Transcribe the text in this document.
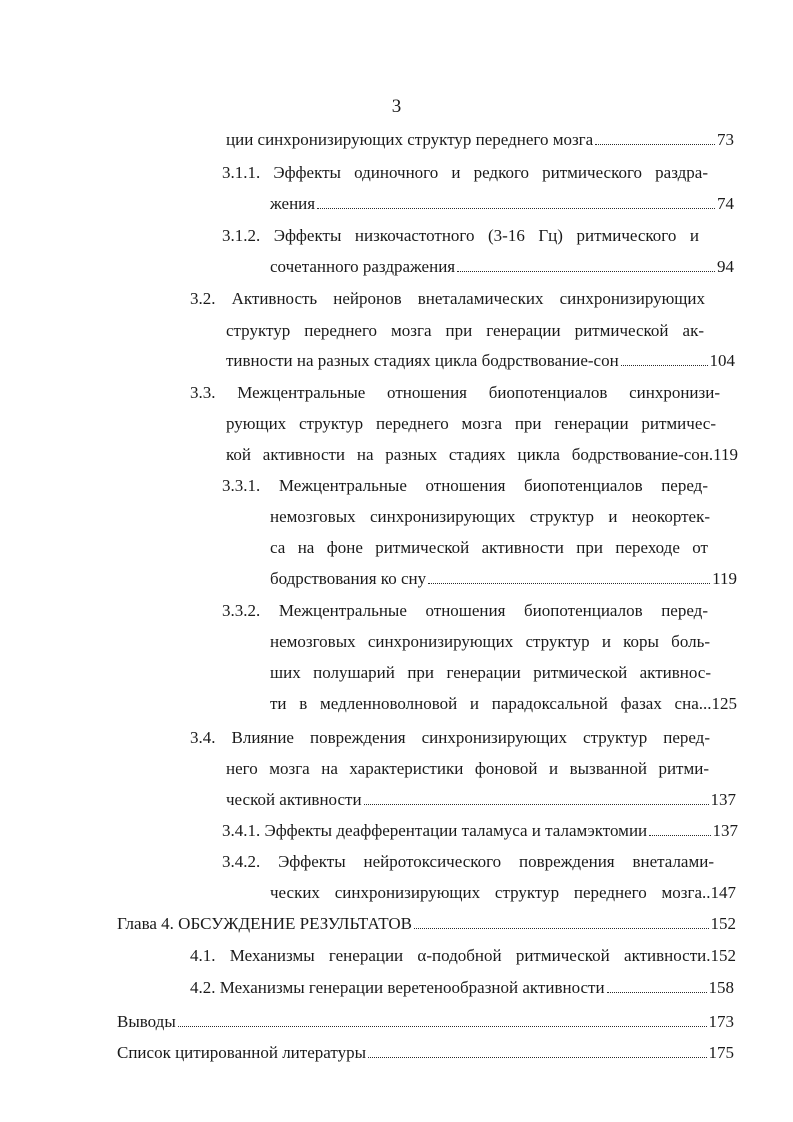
3
ции синхронизирующих структур переднего мозга	73
3.1.1. Эффекты одиночного и редкого ритмического раздра-
жения	74
3.1.2. Эффекты низкочастотного (3-16 Гц) ритмического и
сочетанного раздражения	94
3.2. Активность нейронов внеталамических синхронизирующих
структур переднего мозга при генерации ритмической ак-
тивности на разных стадиях цикла бодрствование-сон	104
3.3. Межцентральные отношения биопотенциалов синхронизи-
рующих структур переднего мозга при генерации ритмичес-
кой активности на разных стадиях цикла бодрствование-сон.119
3.3.1. Межцентральные отношения биопотенциалов перед-
немозговых синхронизирующих структур и неокортек-
са на фоне ритмической активности при переходе от
бодрствования ко сну	119
3.3.2. Межцентральные отношения биопотенциалов перед-
немозговых синхронизирующих структур и коры боль-
ших полушарий при генерации ритмической активнос-
ти в медленноволновой и парадоксальной фазах сна...125
3.4. Влияние повреждения синхронизирующих структур перед-
него мозга на характеристики фоновой и вызванной ритми-
ческой активности	137
3.4.1. Эффекты деафферентации таламуса и таламэктомии	137
3.4.2. Эффекты нейротоксического повреждения внеталами-
ческих синхронизирующих структур переднего мозга..147
Глава 4. ОБСУЖДЕНИЕ РЕЗУЛЬТАТОВ	152
4.1. Механизмы генерации α-подобной ритмической активности.152
4.2. Механизмы генерации веретенообразной активности	158
Выводы	173
Список цитированной литературы	175
